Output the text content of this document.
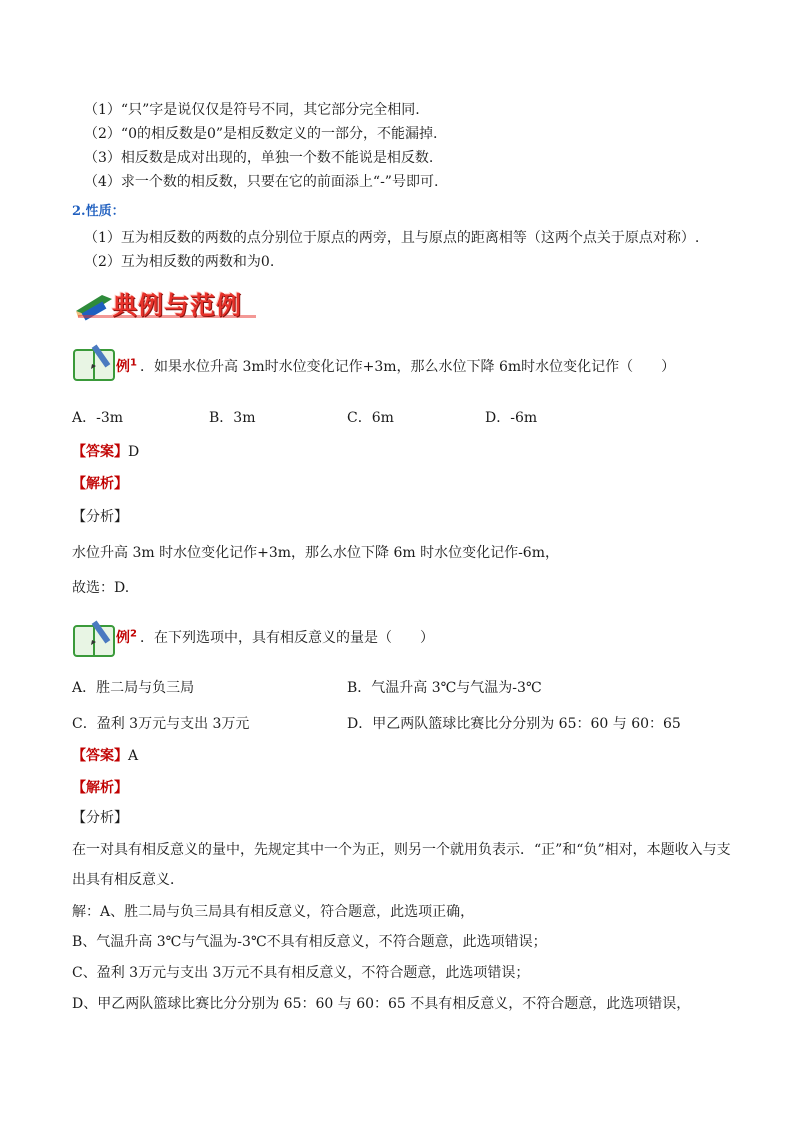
（1）“只”字是说仅仅是符号不同，其它部分完全相同.
（2）“0的相反数是0”是相反数定义的一部分，不能漏掉.
（3）相反数是成对出现的，单独一个数不能说是相反数.
（4）求一个数的相反数，只要在它的前面添上“-”号即可.
2.性质：
（1）互为相反数的两数的点分别位于原点的两旁，且与原点的距离相等（这两个点关于原点对称）.
（2）互为相反数的两数和为0.
典例与范例
例$^1$ ．如果水位升高 3m时水位变化记作+3m，那么水位下降 6m时水位变化记作（　　）
A．-3m	B．3m	C．6m	D．-6m
【答案】D
【解析】
【分析】
水位升高 3m 时水位变化记作+3m，那么水位下降 6m 时水位变化记作-6m，
故选：D.
例$^2$ ．在下列选项中，具有相反意义的量是（　　）
A．胜二局与负三局	B．气温升高 3℃与气温为-3℃
C．盈利 3万元与支出 3万元	D．甲乙两队篮球比赛比分分别为 65：60 与 60：65
【答案】A
【解析】
【分析】
在一对具有相反意义的量中，先规定其中一个为正，则另一个就用负表示．“正”和“负”相对，本题收入与支
出具有相反意义．
解：A、胜二局与负三局具有相反意义，符合题意，此选项正确，
B、气温升高 3℃与气温为-3℃不具有相反意义，不符合题意，此选项错误；
C、盈利 3万元与支出 3万元不具有相反意义，不符合题意，此选项错误；
D、甲乙两队篮球比赛比分分别为 65：60 与 60：65 不具有相反意义，不符合题意，此选项错误，
